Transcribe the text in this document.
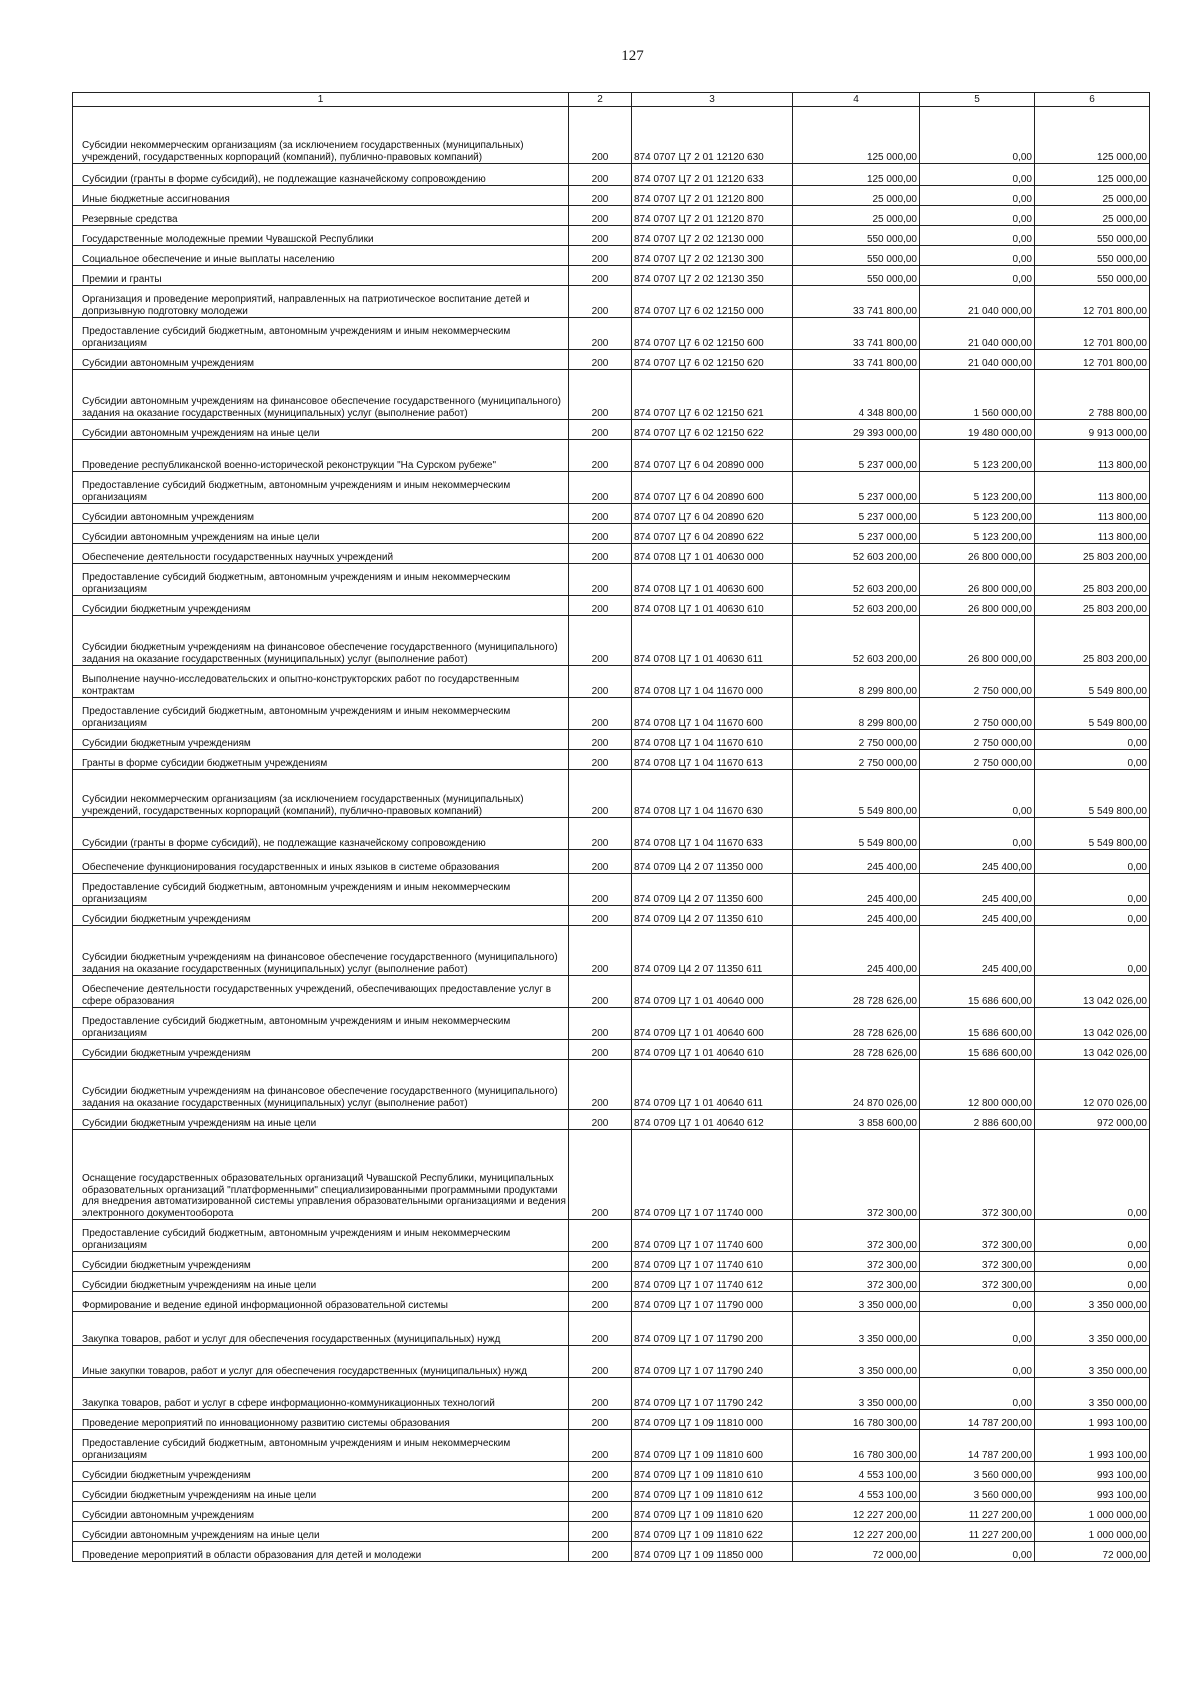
127
1	2	3	4	5	6
Субсидии некоммерческим организациям (за исключением государственных (муниципальных) учреждений, государственных корпораций (компаний), публично-правовых компаний)	200	874 0707 Ц7 2 01 12120 630	125 000,00	0,00	125 000,00
Субсидии (гранты в форме субсидий), не подлежащие казначейскому сопровождению	200	874 0707 Ц7 2 01 12120 633	125 000,00	0,00	125 000,00
Иные бюджетные ассигнования	200	874 0707 Ц7 2 01 12120 800	25 000,00	0,00	25 000,00
Резервные средства	200	874 0707 Ц7 2 01 12120 870	25 000,00	0,00	25 000,00
Государственные молодежные премии Чувашской Республики	200	874 0707 Ц7 2 02 12130 000	550 000,00	0,00	550 000,00
Социальное обеспечение и иные выплаты населению	200	874 0707 Ц7 2 02 12130 300	550 000,00	0,00	550 000,00
Премии и гранты	200	874 0707 Ц7 2 02 12130 350	550 000,00	0,00	550 000,00
Организация и проведение мероприятий, направленных на патриотическое воспитание детей и допризывную подготовку молодежи	200	874 0707 Ц7 6 02 12150 000	33 741 800,00	21 040 000,00	12 701 800,00
Предоставление субсидий бюджетным, автономным учреждениям и иным некоммерческим организациям	200	874 0707 Ц7 6 02 12150 600	33 741 800,00	21 040 000,00	12 701 800,00
Субсидии автономным учреждениям	200	874 0707 Ц7 6 02 12150 620	33 741 800,00	21 040 000,00	12 701 800,00
Субсидии автономным учреждениям на финансовое обеспечение государственного (муниципального) задания на оказание государственных (муниципальных) услуг (выполнение работ)	200	874 0707 Ц7 6 02 12150 621	4 348 800,00	1 560 000,00	2 788 800,00
Субсидии автономным учреждениям на иные цели	200	874 0707 Ц7 6 02 12150 622	29 393 000,00	19 480 000,00	9 913 000,00
Проведение республиканской военно-исторической реконструкции "На Сурском рубеже"	200	874 0707 Ц7 6 04 20890 000	5 237 000,00	5 123 200,00	113 800,00
Предоставление субсидий бюджетным, автономным учреждениям и иным некоммерческим организациям	200	874 0707 Ц7 6 04 20890 600	5 237 000,00	5 123 200,00	113 800,00
Субсидии автономным учреждениям	200	874 0707 Ц7 6 04 20890 620	5 237 000,00	5 123 200,00	113 800,00
Субсидии автономным учреждениям на иные цели	200	874 0707 Ц7 6 04 20890 622	5 237 000,00	5 123 200,00	113 800,00
Обеспечение деятельности государственных научных учреждений	200	874 0708 Ц7 1 01 40630 000	52 603 200,00	26 800 000,00	25 803 200,00
Предоставление субсидий бюджетным, автономным учреждениям и иным некоммерческим организациям	200	874 0708 Ц7 1 01 40630 600	52 603 200,00	26 800 000,00	25 803 200,00
Субсидии бюджетным учреждениям	200	874 0708 Ц7 1 01 40630 610	52 603 200,00	26 800 000,00	25 803 200,00
Субсидии бюджетным учреждениям на финансовое обеспечение государственного (муниципального) задания на оказание государственных (муниципальных) услуг (выполнение работ)	200	874 0708 Ц7 1 01 40630 611	52 603 200,00	26 800 000,00	25 803 200,00
Выполнение научно-исследовательских и опытно-конструкторских работ по государственным контрактам	200	874 0708 Ц7 1 04 11670 000	8 299 800,00	2 750 000,00	5 549 800,00
Предоставление субсидий бюджетным, автономным учреждениям и иным некоммерческим организациям	200	874 0708 Ц7 1 04 11670 600	8 299 800,00	2 750 000,00	5 549 800,00
Субсидии бюджетным учреждениям	200	874 0708 Ц7 1 04 11670 610	2 750 000,00	2 750 000,00	0,00
Гранты в форме субсидии бюджетным учреждениям	200	874 0708 Ц7 1 04 11670 613	2 750 000,00	2 750 000,00	0,00
Субсидии некоммерческим организациям (за исключением государственных (муниципальных) учреждений, государственных корпораций (компаний), публично-правовых компаний)	200	874 0708 Ц7 1 04 11670 630	5 549 800,00	0,00	5 549 800,00
Субсидии (гранты в форме субсидий), не подлежащие казначейскому сопровождению	200	874 0708 Ц7 1 04 11670 633	5 549 800,00	0,00	5 549 800,00
Обеспечение функционирования государственных и иных языков в системе образования	200	874 0709 Ц4 2 07 11350 000	245 400,00	245 400,00	0,00
Предоставление субсидий бюджетным, автономным учреждениям и иным некоммерческим организациям	200	874 0709 Ц4 2 07 11350 600	245 400,00	245 400,00	0,00
Субсидии бюджетным учреждениям	200	874 0709 Ц4 2 07 11350 610	245 400,00	245 400,00	0,00
Субсидии бюджетным учреждениям на финансовое обеспечение государственного (муниципального) задания на оказание государственных (муниципальных) услуг (выполнение работ)	200	874 0709 Ц4 2 07 11350 611	245 400,00	245 400,00	0,00
Обеспечение деятельности государственных учреждений, обеспечивающих предоставление услуг в сфере образования	200	874 0709 Ц7 1 01 40640 000	28 728 626,00	15 686 600,00	13 042 026,00
Предоставление субсидий бюджетным, автономным учреждениям и иным некоммерческим организациям	200	874 0709 Ц7 1 01 40640 600	28 728 626,00	15 686 600,00	13 042 026,00
Субсидии бюджетным учреждениям	200	874 0709 Ц7 1 01 40640 610	28 728 626,00	15 686 600,00	13 042 026,00
Субсидии бюджетным учреждениям на финансовое обеспечение государственного (муниципального) задания на оказание государственных (муниципальных) услуг (выполнение работ)	200	874 0709 Ц7 1 01 40640 611	24 870 026,00	12 800 000,00	12 070 026,00
Субсидии бюджетным учреждениям на иные цели	200	874 0709 Ц7 1 01 40640 612	3 858 600,00	2 886 600,00	972 000,00
Оснащение государственных образовательных организаций Чувашской Республики, муниципальных образовательных организаций "платформенными" специализированными программными продуктами для внедрения автоматизированной системы управления образовательными организациями и ведения электронного документооборота	200	874 0709 Ц7 1 07 11740 000	372 300,00	372 300,00	0,00
Предоставление субсидий бюджетным, автономным учреждениям и иным некоммерческим организациям	200	874 0709 Ц7 1 07 11740 600	372 300,00	372 300,00	0,00
Субсидии бюджетным учреждениям	200	874 0709 Ц7 1 07 11740 610	372 300,00	372 300,00	0,00
Субсидии бюджетным учреждениям на иные цели	200	874 0709 Ц7 1 07 11740 612	372 300,00	372 300,00	0,00
Формирование и ведение единой информационной образовательной системы	200	874 0709 Ц7 1 07 11790 000	3 350 000,00	0,00	3 350 000,00
Закупка товаров, работ и услуг для обеспечения государственных (муниципальных) нужд	200	874 0709 Ц7 1 07 11790 200	3 350 000,00	0,00	3 350 000,00
Иные закупки товаров, работ и услуг для обеспечения государственных (муниципальных) нужд	200	874 0709 Ц7 1 07 11790 240	3 350 000,00	0,00	3 350 000,00
Закупка товаров, работ и услуг в сфере информационно-коммуникационных технологий	200	874 0709 Ц7 1 07 11790 242	3 350 000,00	0,00	3 350 000,00
Проведение мероприятий по инновационному развитию системы образования	200	874 0709 Ц7 1 09 11810 000	16 780 300,00	14 787 200,00	1 993 100,00
Предоставление субсидий бюджетным, автономным учреждениям и иным некоммерческим организациям	200	874 0709 Ц7 1 09 11810 600	16 780 300,00	14 787 200,00	1 993 100,00
Субсидии бюджетным учреждениям	200	874 0709 Ц7 1 09 11810 610	4 553 100,00	3 560 000,00	993 100,00
Субсидии бюджетным учреждениям на иные цели	200	874 0709 Ц7 1 09 11810 612	4 553 100,00	3 560 000,00	993 100,00
Субсидии автономным учреждениям	200	874 0709 Ц7 1 09 11810 620	12 227 200,00	11 227 200,00	1 000 000,00
Субсидии автономным учреждениям на иные цели	200	874 0709 Ц7 1 09 11810 622	12 227 200,00	11 227 200,00	1 000 000,00
Проведение мероприятий в области образования для детей и молодежи	200	874 0709 Ц7 1 09 11850 000	72 000,00	0,00	72 000,00
